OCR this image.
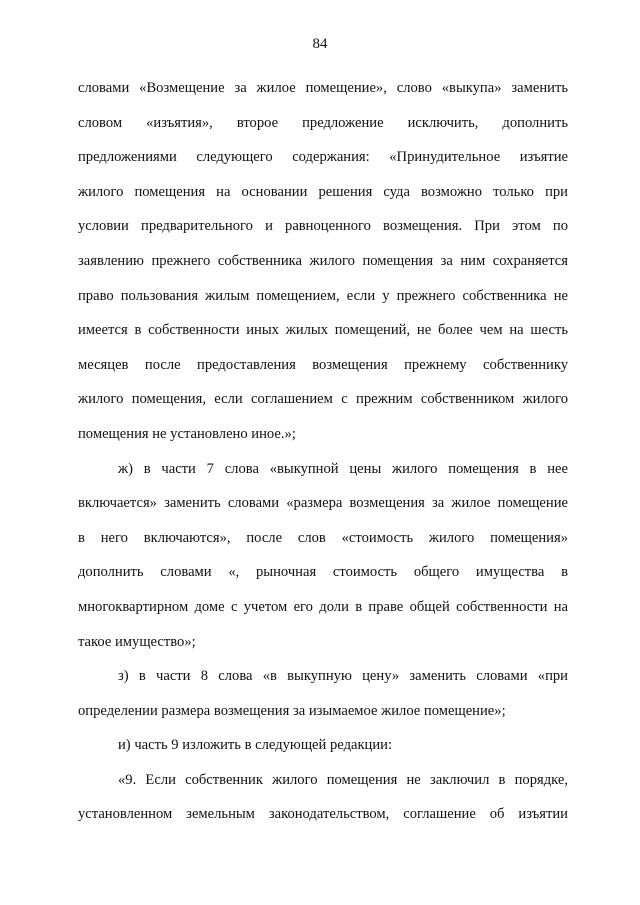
84
словами «Возмещение за жилое помещение», слово «выкупа» заменить
словом «изъятия», второе предложение исключить, дополнить
предложениями следующего содержания: «Принудительное изъятие
жилого помещения на основании решения суда возможно только при
условии предварительного и равноценного возмещения. При этом по
заявлению прежнего собственника жилого помещения за ним сохраняется
право пользования жилым помещением, если у прежнего собственника не
имеется в собственности иных жилых помещений, не более чем на шесть
месяцев после предоставления возмещения прежнему собственнику
жилого помещения, если соглашением с прежним собственником жилого
помещения не установлено иное.»;
ж) в части 7 слова «выкупной цены жилого помещения в нее
включается» заменить словами «размера возмещения за жилое помещение
в него включаются», после слов «стоимость жилого помещения»
дополнить словами «, рыночная стоимость общего имущества в
многоквартирном доме с учетом его доли в праве общей собственности на
такое имущество»;
з) в части 8 слова «в выкупную цену» заменить словами «при
определении размера возмещения за изымаемое жилое помещение»;
и) часть 9 изложить в следующей редакции:
«9. Если собственник жилого помещения не заключил в порядке,
установленном земельным законодательством, соглашение об изъятии
